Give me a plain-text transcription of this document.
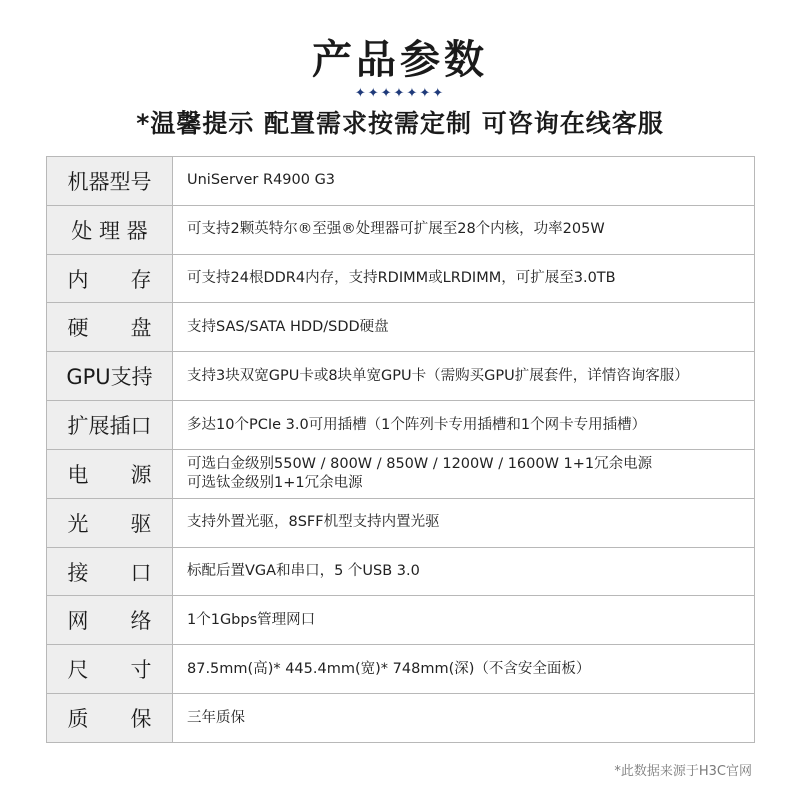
产品参数
✦✦✦✦✦✦✦
*温馨提示 配置需求按需定制 可咨询在线客服
机器型号	UniServer R4900 G3
处 理 器	可支持2颗英特尔®至强®处理器可扩展至28个内核，功率205W
内　　存	可支持24根DDR4内存，支持RDIMM或LRDIMM，可扩展至3.0TB
硬　　盘	支持SAS/SATA HDD/SDD硬盘
GPU支持	支持3块双宽GPU卡或8块单宽GPU卡（需购买GPU扩展套件，详情咨询客服）
扩展插口	多达10个PCIe 3.0可用插槽（1个阵列卡专用插槽和1个网卡专用插槽）
电　　源	可选白金级别550W / 800W / 850W / 1200W / 1600W 1+1冗余电源
可选钛金级别1+1冗余电源
光　　驱	支持外置光驱，8SFF机型支持内置光驱
接　　口	标配后置VGA和串口，5 个USB 3.0
网　　络	1个1Gbps管理网口
尺　　寸	87.5mm(高)* 445.4mm(宽)* 748mm(深)（不含安全面板）
质　　保	三年质保
*此数据来源于H3C官网
